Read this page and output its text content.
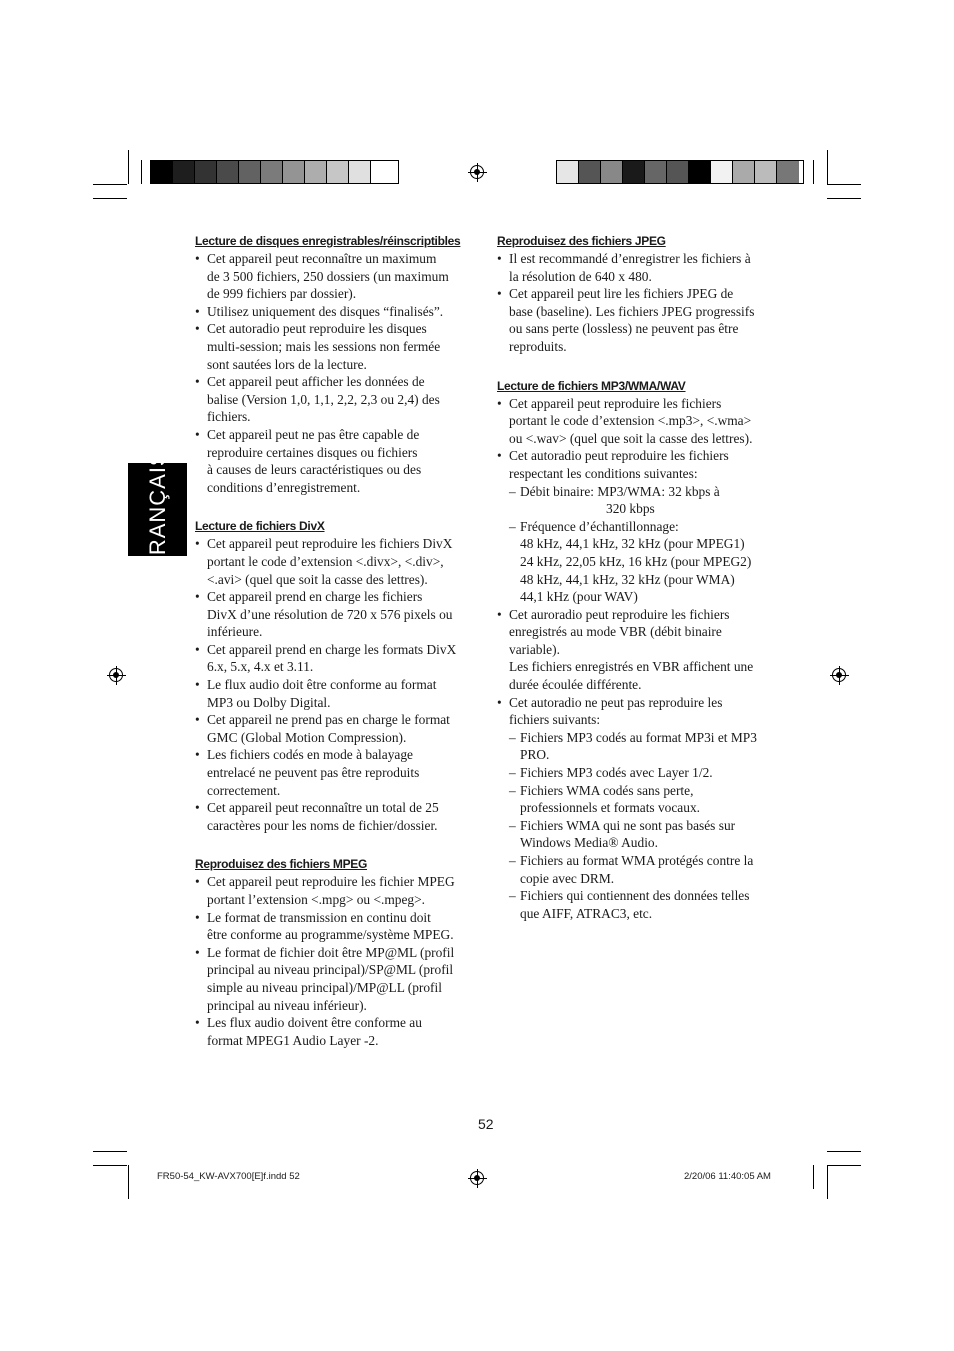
FRANÇAIS
Lecture de disques enregistrables/réinscriptibles
• Cet appareil peut reconnaître un maximum
de 3 500 fichiers, 250 dossiers (un maximum
de 999 fichiers par dossier).
• Utilisez uniquement des disques “finalisés”.
• Cet autoradio peut reproduire les disques
multi-session; mais les sessions non fermée
sont sautées lors de la lecture.
• Cet appareil peut afficher les données de
balise (Version 1,0, 1,1, 2,2, 2,3 ou 2,4) des
fichiers.
• Cet appareil peut ne pas être capable de
reproduire certaines disques ou fichiers
à causes de leurs caractéristiques ou des
conditions d’enregistrement.
Lecture de fichiers DivX
• Cet appareil peut reproduire les fichiers DivX
portant le code d’extension <.divx>, <.div>,
<.avi> (quel que soit la casse des lettres).
• Cet appareil prend en charge les fichiers
DivX d’une résolution de 720 x 576 pixels ou
inférieure.
• Cet appareil prend en charge les formats DivX
6.x, 5.x, 4.x et 3.11.
• Le flux audio doit être conforme au format
MP3 ou Dolby Digital.
• Cet appareil ne prend pas en charge le format
GMC (Global Motion Compression).
• Les fichiers codés en mode à balayage
entrelacé ne peuvent pas être reproduits
correctement.
• Cet appareil peut reconnaître un total de 25
caractères pour les noms de fichier/dossier.
Reproduisez des fichiers MPEG
• Cet appareil peut reproduire les fichier MPEG
portant l’extension <.mpg> ou <.mpeg>.
• Le format de transmission en continu doit
être conforme au programme/système MPEG.
• Le format de fichier doit être MP@ML (profil
principal au niveau principal)/SP@ML (profil
simple au niveau principal)/MP@LL (profil
principal au niveau inférieur).
• Les flux audio doivent être conforme au
format MPEG1 Audio Layer -2.
Reproduisez des fichiers JPEG
• Il est recommandé d’enregistrer les fichiers à
la résolution de 640 x 480.
• Cet appareil peut lire les fichiers JPEG de
base (baseline). Les fichiers JPEG progressifs
ou sans perte (lossless) ne peuvent pas être
reproduits.
Lecture de fichiers MP3/WMA/WAV
• Cet appareil peut reproduire les fichiers
portant le code d’extension <.mp3>, <.wma>
ou <.wav> (quel que soit la casse des lettres).
• Cet autoradio peut reproduire les fichiers
respectant les conditions suivantes:
– Débit binaire: MP3/WMA: 32 kbps à
320 kbps
– Fréquence d’échantillonnage:
48 kHz, 44,1 kHz, 32 kHz (pour MPEG1)
24 kHz, 22,05 kHz, 16 kHz (pour MPEG2)
48 kHz, 44,1 kHz, 32 kHz (pour WMA)
44,1 kHz (pour WAV)
• Cet auroradio peut reproduire les fichiers
enregistrés au mode VBR (débit binaire
variable).
Les fichiers enregistrés en VBR affichent une
durée écoulée différente.
• Cet autoradio ne peut pas reproduire les
fichiers suivants:
– Fichiers MP3 codés au format MP3i et MP3
PRO.
– Fichiers MP3 codés avec Layer 1/2.
– Fichiers WMA codés sans perte,
professionnels et formats vocaux.
– Fichiers WMA qui ne sont pas basés sur
Windows Media® Audio.
– Fichiers au format WMA protégés contre la
copie avec DRM.
– Fichiers qui contiennent des données telles
que AIFF, ATRAC3, etc.
52
FR50-54_KW-AVX700[E]f.indd 52	2/20/06 11:40:05 AM
